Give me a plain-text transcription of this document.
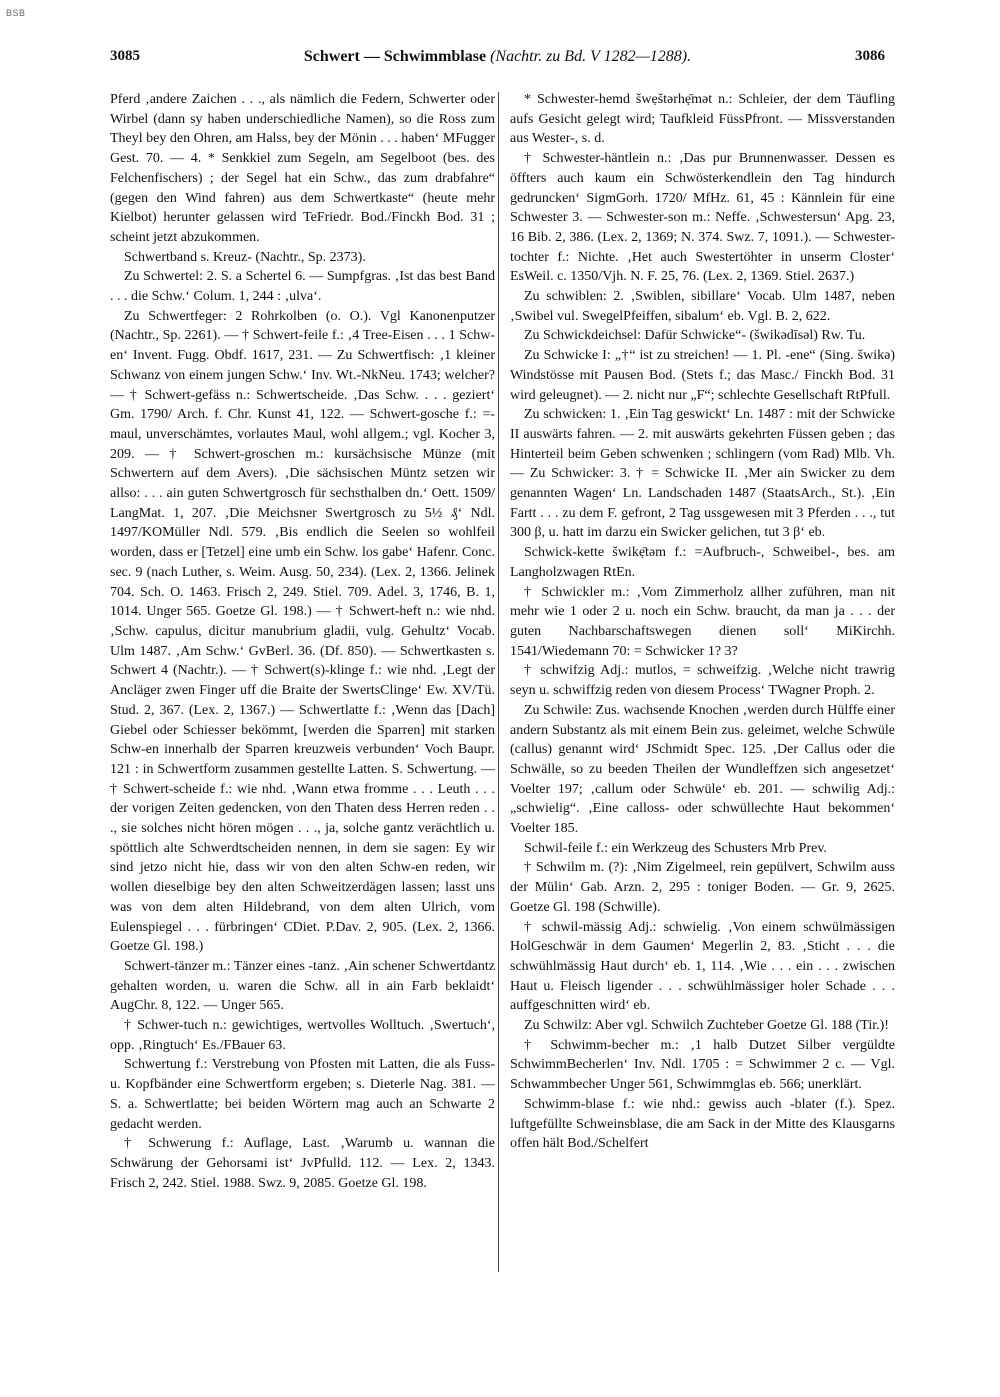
BSB
3085	Schwert — Schwimmblase (Nachtr. zu Bd. V 1282—1288).	3086

Pferd ‚andere Zaichen . . ., als nämlich die Federn, Schwerter oder Wirbel (dann sy haben underschiedliche Namen), so die Ross zum Theyl bey den Ohren, am Halss, bey der Mönin . . . haben‘ MFugger Gest. 70. — 4. * Senkkiel zum Segeln, am Segelboot (bes. des Felchenfischers) ; der Segel hat ein Schw., das zum drabfahre“ (gegen den Wind fahren) aus dem Schwertkaste“ (heute mehr Kielbot) herunter gelassen wird TeFriedr. Bod./Finckh Bod. 31 ; scheint jetzt abzukommen.

Schwertband s. Kreuz- (Nachtr., Sp. 2373).

Zu Schwertel: 2. S. a Schertel 6. — Sumpfgras. ‚Ist das best Band . . . die Schw.‘ Colum. 1, 244 : ‚ulva‘.

Zu Schwertfeger: 2 Rohrkolben (o. O.). Vgl Kanonenputzer (Nachtr., Sp. 2261). — † Schwert-feile f.: ‚4 Tree-Eisen . . . 1 Schw-en‘ Invent. Fugg. Obdf. 1617, 231. — Zu Schwertfisch: ‚1 kleiner Schwanz von einem jungen Schw.‘ Inv. Wt.-NkNeu. 1743; welcher? — † Schwert-gefäss n.: Schwertscheide. ‚Das Schw. . . . geziert‘ Gm. 1790/ Arch. f. Chr. Kunst 41, 122. — Schwert-gosche f.: =-maul, unverschämtes, vorlautes Maul, wohl allgem.; vgl. Kocher 3, 209. — † Schwert-groschen m.: kursächsische Münze (mit Schwertern auf dem Avers). ‚Die sächsischen Müntz setzen wir allso: . . . ain guten Schwertgrosch für sechsthalben dn.‘ Oett. 1509/ LangMat. 1, 207. ‚Die Meichsner Swertgrosch zu 5½ ₰‘ Ndl. 1497/KOMüller Ndl. 579. ‚Bis endlich die Seelen so wohlfeil worden, dass er [Tetzel] eine umb ein Schw. los gabe‘ Hafenr. Conc. sec. 9 (nach Luther, s. Weim. Ausg. 50, 234). (Lex. 2, 1366. Jelinek 704. Sch. O. 1463. Frisch 2, 249. Stiel. 709. Adel. 3, 1746, B. 1, 1014. Unger 565. Goetze Gl. 198.) — † Schwert-heft n.: wie nhd. ‚Schw. capulus, dicitur manubrium gladii, vulg. Gehultz‘ Vocab. Ulm 1487. ‚Am Schw.‘ GvBerl. 36. (Df. 850). — Schwertkasten s. Schwert 4 (Nachtr.). — † Schwert(s)-klinge f.: wie nhd. ‚Legt der Ancläger zwen Finger uff die Braite der SwertsClinge‘ Ew. XV/Tü. Stud. 2, 367. (Lex. 2, 1367.) — Schwertlatte f.: ‚Wenn das [Dach] Giebel oder Schiesser bekömmt, [werden die Sparren] mit starken Schw-en innerhalb der Sparren kreuzweis verbunden‘ Voch Baupr. 121 : in Schwertform zusammen gestellte Latten. S. Schwertung. — † Schwert-scheide f.: wie nhd. ‚Wann etwa fromme . . . Leuth . . . der vorigen Zeiten gedencken, von den Thaten dess Herren reden . . ., sie solches nicht hören mögen . . ., ja, solche gantz verächtlich u. spöttlich alte Schwerdtscheiden nennen, in dem sie sagen: Ey wir sind jetzo nicht hie, dass wir von den alten Schw-en reden, wir wollen dieselbige bey den alten Schweitzerdägen lassen; lasst uns was von dem alten Hildebrand, von dem alten Ulrich, vom Eulenspiegel . . . fürbringen‘ CDiet. P.Dav. 2, 905. (Lex. 2, 1366. Goetze Gl. 198.)

Schwert-tänzer m.: Tänzer eines -tanz. ‚Ain schener Schwertdantz gehalten worden, u. waren die Schw. all in ain Farb beklaidt‘ AugChr. 8, 122. — Unger 565.

† Schwer-tuch n.: gewichtiges, wertvolles Wolltuch. ‚Swertuch‘, opp. ‚Ringtuch‘ Es./FBauer 63.

Schwertung f.: Verstrebung von Pfosten mit Latten, die als Fuss- u. Kopfbänder eine Schwertform ergeben; s. Dieterle Nag. 381. — S. a. Schwertlatte; bei beiden Wörtern mag auch an Schwarte 2 gedacht werden.

† Schwerung f.: Auflage, Last. ‚Warumb u. wannan die Schwärung der Gehorsami ist‘ JvPfulld. 112. — Lex. 2, 1343. Frisch 2, 242. Stiel. 1988. Swz. 9, 2085. Goetze Gl. 198.

* Schwester-hemd šwẹštərhẹ̄mət n.: Schleier, der dem Täufling aufs Gesicht gelegt wird; Taufkleid FüssPfront. — Missverstanden aus Wester-, s. d.

† Schwester-häntlein n.: ‚Das pur Brunnenwasser. Dessen es öffters auch kaum ein Schwösterkendlein den Tag hindurch gedruncken‘ SigmGorh. 1720/ MfHz. 61, 45 : Kännlein für eine Schwester 3. — Schwester-son m.: Neffe. ‚Schwestersun‘ Apg. 23, 16 Bib. 2, 386. (Lex. 2, 1369; N. 374. Swz. 7, 1091.). — Schwester-tochter f.: Nichte. ‚Het auch Swestertöhter in unserm Closter‘ EsWeil. c. 1350/Vjh. N. F. 25, 76. (Lex. 2, 1369. Stiel. 2637.)

Zu schwiblen: 2. ‚Swiblen, sibillare‘ Vocab. Ulm 1487, neben ‚Swibel vul. SwegelPfeiffen, sibalum‘ eb. Vgl. B. 2, 622.

Zu Schwickdeichsel: Dafür Schwicke“- (šwikədīsəl) Rw. Tu.

Zu Schwicke I: „†“ ist zu streichen! — 1. Pl. -ene“ (Sing. šwikə) Windstösse mit Pausen Bod. (Stets f.; das Masc./ Finckh Bod. 31 wird geleugnet). — 2. nicht nur „F“; schlechte Gesellschaft RtPfull.

Zu schwicken: 1. ‚Ein Tag geswickt‘ Ln. 1487 : mit der Schwicke II auswärts fahren. — 2. mit auswärts gekehrten Füssen geben ; das Hinterteil beim Geben schwenken ; schlingern (vom Rad) Mlb. Vh. — Zu Schwicker: 3. † = Schwicke II. ‚Mer ain Swicker zu dem genannten Wagen‘ Ln. Landschaden 1487 (StaatsArch., St.). ‚Ein Fartt . . . zu dem F. gefront, 2 Tag ussgewesen mit 3 Pferden . . ., tut 300 β, u. hatt im darzu ein Swicker gelichen, tut 3 β‘ eb.

Schwick-kette šwikẹ̄təm f.: =Aufbruch-, Schweibel-, bes. am Langholzwagen RtEn.

† Schwickler m.: ‚Vom Zimmerholz allher zuführen, man nit mehr wie 1 oder 2 u. noch ein Schw. braucht, da man ja . . . der guten Nachbarschaftswegen dienen soll‘ MiKirchh. 1541/Wiedemann 70: = Schwicker 1? 3?

† schwifzig Adj.: mutlos, = schweifzig. ‚Welche nicht trawrig seyn u. schwiffzig reden von diesem Process‘ TWagner Proph. 2.

Zu Schwile: Zus. wachsende Knochen ‚werden durch Hülffe einer andern Substantz als mit einem Bein zus. geleimet, welche Schwüle (callus) genannt wird‘ JSchmidt Spec. 125. ‚Der Callus oder die Schwälle, so zu beeden Theilen der Wundleffzen sich angesetzet‘ Voelter 197; ‚callum oder Schwüle‘ eb. 201. — schwilig Adj.: „schwielig“. ‚Eine calloss- oder schwüllechte Haut bekommen‘ Voelter 185.

Schwil-feile f.: ein Werkzeug des Schusters Mrb Prev.

† Schwilm m. (?): ‚Nim Zigelmeel, rein gepülvert, Schwilm auss der Mülin‘ Gab. Arzn. 2, 295 : toniger Boden. — Gr. 9, 2625. Goetze Gl. 198 (Schwille).

† schwil-mässig Adj.: schwielig. ‚Von einem schwülmässigen HolGeschwär in dem Gaumen‘ Megerlin 2, 83. ‚Sticht . . . die schwühlmässig Haut durch‘ eb. 1, 114. ‚Wie . . . ein . . . zwischen Haut u. Fleisch ligender . . . schwühlmässiger holer Schade . . . auffgeschnitten wird‘ eb.

Zu Schwilz: Aber vgl. Schwilch Zuchteber Goetze Gl. 188 (Tir.)!

† Schwimm-becher m.: ‚1 halb Dutzet Silber vergüldte SchwimmBecherlen‘ Inv. Ndl. 1705 : = Schwimmer 2 c. — Vgl. Schwammbecher Unger 561, Schwimmglas eb. 566; unerklärt.

Schwimm-blase f.: wie nhd.: gewiss auch -blater (f.). Spez. luftgefüllte Schweinsblase, die am Sack in der Mitte des Klausgarns offen hält Bod./Schelfert
